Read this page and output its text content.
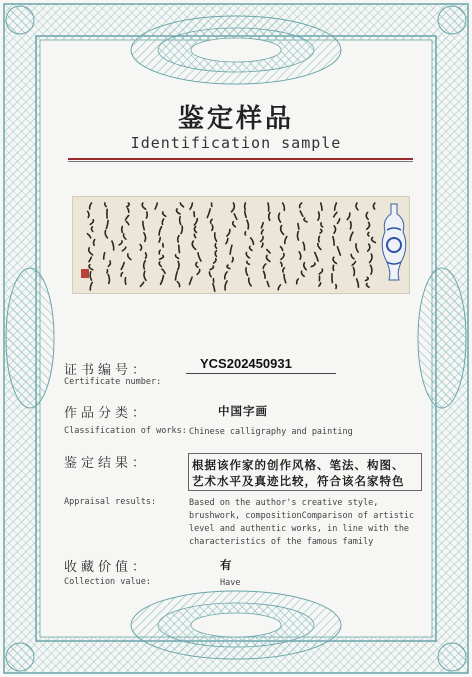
鉴定样品
Identification sample
证书编号：
Certificate number:
YCS202450931
作品分类：
Classification of works:
中国字画
Chinese calligraphy and painting
鉴定结果：
Appraisal results:
根据该作家的创作风格、笔法、构图、
艺术水平及真迹比较，符合该名家特色
Based on the author's creative style,
brushwork, compositionComparison of artistic
level and authentic works, in line with the
characteristics of the famous family
收藏价值：
Collection value:
有
Have
